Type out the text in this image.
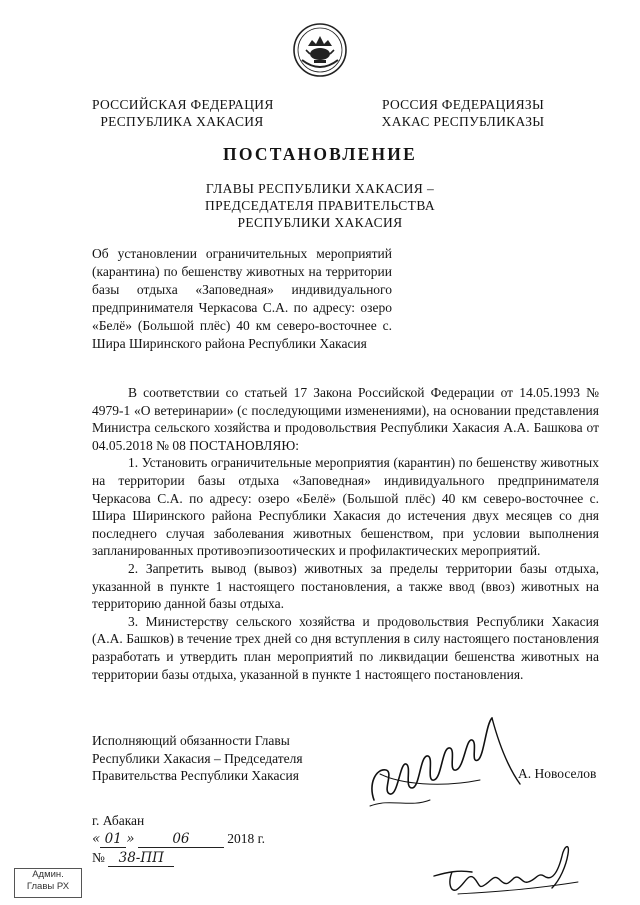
РОССИЙСКАЯ ФЕДЕРАЦИЯ
РЕСПУБЛИКА ХАКАСИЯ
РОССИЯ ФЕДЕРАЦИЯЗЫ
ХАКАС РЕСПУБЛИКАЗЫ
ПОСТАНОВЛЕНИЕ
ГЛАВЫ РЕСПУБЛИКИ ХАКАСИЯ –
ПРЕДСЕДАТЕЛЯ ПРАВИТЕЛЬСТВА
РЕСПУБЛИКИ ХАКАСИЯ
Об установлении ограничительных мероприятий (карантина) по бешенству животных на территории базы отдыха «Заповедная» индивидуального предпринимателя Черкасова С.А. по адресу: озеро «Белё» (Большой плёс) 40 км северо-восточнее с. Шира Ширинского района Республики Хакасия

В соответствии со статьей 17 Закона Российской Федерации от 14.05.1993 № 4979-1 «О ветеринарии» (с последующими изменениями), на основании представления Министра сельского хозяйства и продовольствия Республики Хакасия А.А. Башкова от 04.05.2018 № 08 ПОСТАНОВЛЯЮ:

1. Установить ограничительные мероприятия (карантин) по бешенству животных на территории базы отдыха «Заповедная» индивидуального предпринимателя Черкасова С.А. по адресу: озеро «Белё» (Большой плёс) 40 км северо-восточнее с. Шира Ширинского района Республики Хакасия до истечения двух месяцев со дня последнего случая заболевания животных бешенством, при условии выполнения запланированных противоэпизоотических и профилактических мероприятий.

2. Запретить вывод (вывоз) животных за пределы территории базы отдыха, указанной в пункте 1 настоящего постановления, а также ввод (ввоз) животных на территорию данной базы отдыха.

3. Министерству сельского хозяйства и продовольствия Республики Хакасия (А.А. Башков) в течение трех дней со дня вступления в силу настоящего постановления разработать и утвердить план мероприятий по ликвидации бешенства животных на территории базы отдыха, указанной в пункте 1 настоящего постановления.

Исполняющий обязанности Главы
Республики Хакасия – Председателя
Правительства Республики Хакасия	А. Новоселов
г. Абакан
« 01 »	06	2018 г.
№ 38-ПП
Админ.
Главы РХ
